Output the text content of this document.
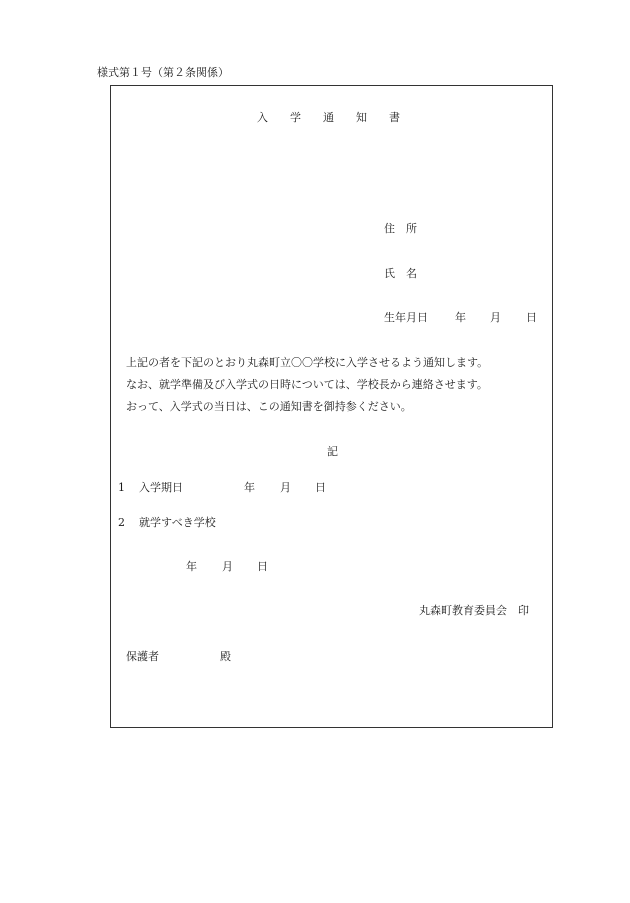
様式第１号（第２条関係）
入学通知書
住　所
氏　名
生年月日 年 月 日
上記の者を下記のとおり丸森町立〇〇学校に入学させるよう通知します。
なお、就学準備及び入学式の日時については、学校長から連絡させます。
おって、入学式の当日は、この通知書を御持参ください。
記
1 入学期日	年 月 日
2 就学すべき学校
年 月 日
丸森町教育委員会　印
保護者	殿
